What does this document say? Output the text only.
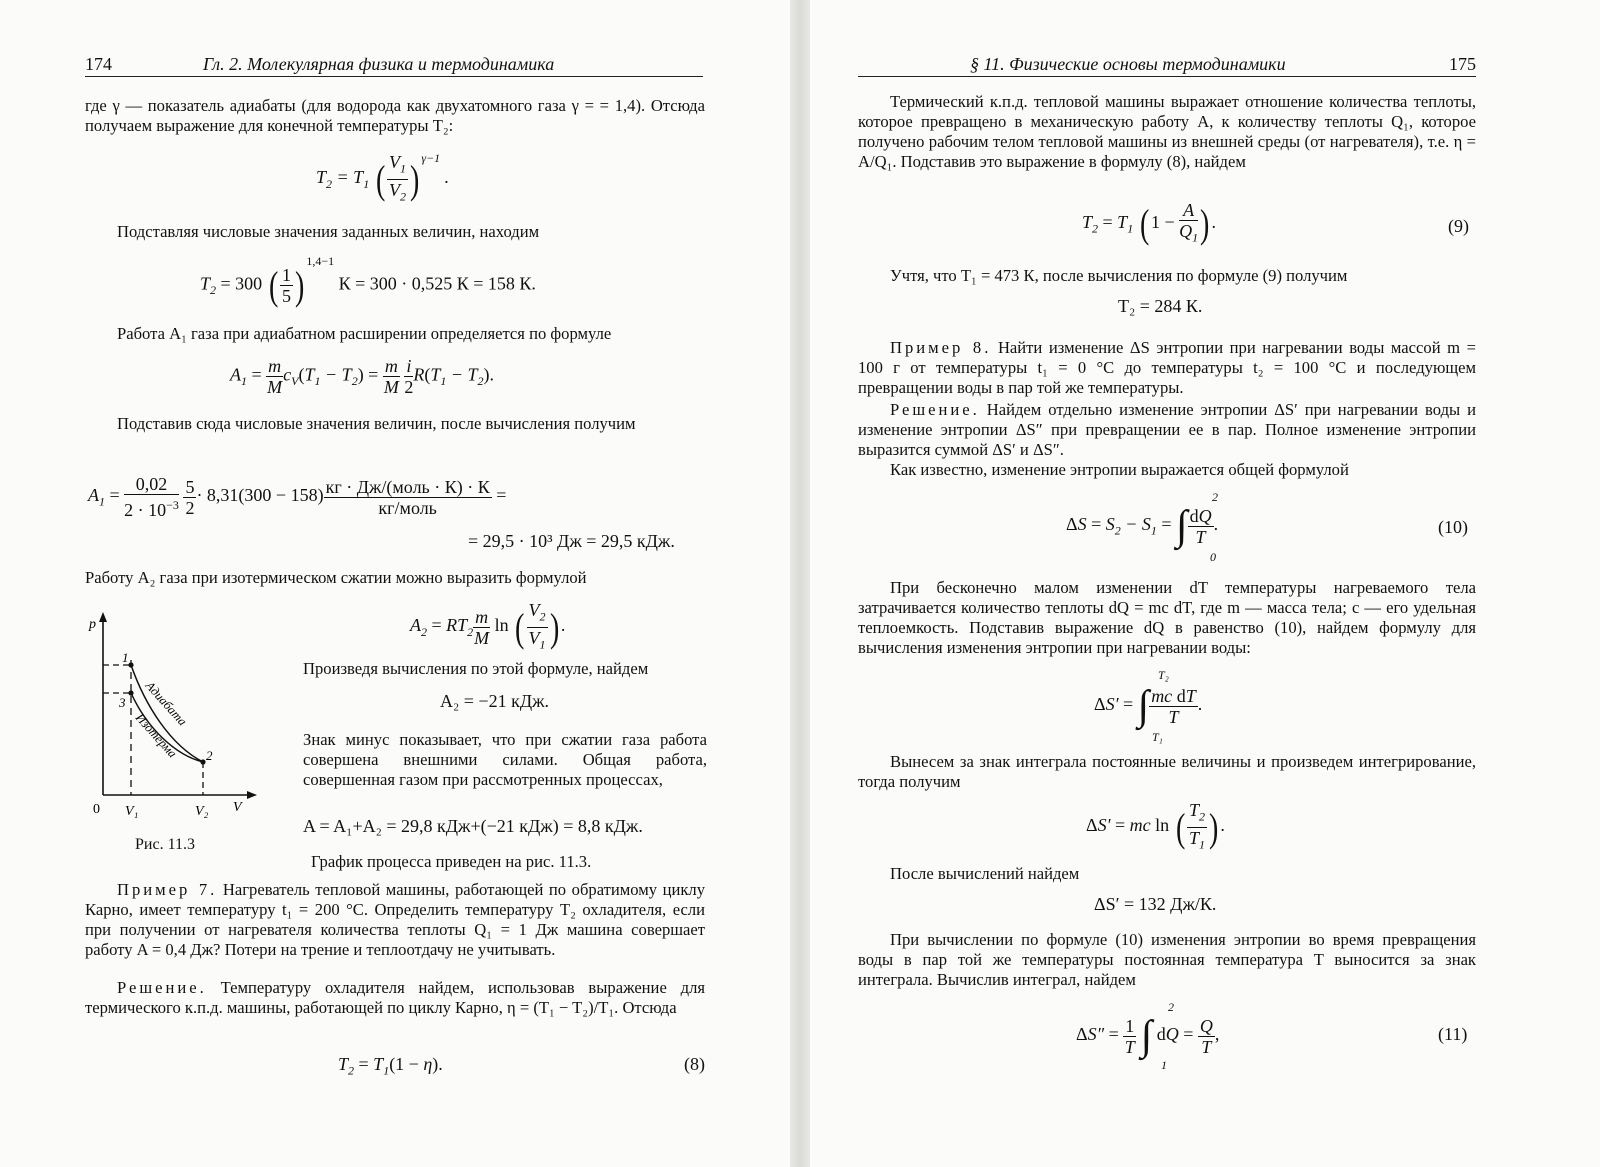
174	Гл. 2. Молекулярная физика и термодинамика

где γ — показатель адиабаты (для водорода как двухатомного газа γ = = 1,4). Отсюда получаем выражение для конечной температуры T₂:

$T_2 = T_1$ ( $\frac{V_1}{V_2}$ ) $^{\gamma-1}$ .

Подставляя числовые значения заданных величин, находим

$T_2 = 300$ ( $\frac{1}{5} )^{1,4-1}$ К = 300 · 0,525 К = 158 К.

Работа A₁ газа при адиабатном расширении определяется по формуле

$A_1 = \frac{m}{M} c_V(T_1 - T_2) = \frac{m}{M}$
$\frac{i}{2} R(T_1 - T_2)$.

Подставив сюда числовые значения величин, после вычисления получим

$A_1 = \frac{0,02}{2 \cdot 10^{-3}}$
$\frac{5}{2} \cdot 8,31(300 - 158) \frac{\text{кг · Дж/(моль · К) · К}}{\text{кг/моль}}$ =
= 29,5 · 10³ Дж = 29,5 кДж.

Работу A₂ газа при изотермическом сжатии можно выразить формулой

$A_2 = RT_2 \frac{m}{M}$ ln ( $\frac{V_2}{V_1}$ ) .
p
V
0 V₁	V₂
1
3
2
Адиабата
Изотерма
Рис. 11.3

Произведя вычисления по этой формуле, найдем

A₂ = −21 кДж.

Знак минус показывает, что при сжатии газа работа совершена внешними силами. Общая работа, совершенная газом при рассмотренных процессах,

A = A₁+A₂ = 29,8 кДж+(−21 кДж) = 8,8 кДж.

График процесса приведен на рис. 11.3.

Пример 7. Нагреватель тепловой машины, работающей по обратимому циклу Карно, имеет температуру t₁ = 200 °С. Определить температуру T₂ охладителя, если при получении от нагревателя количества теплоты Q₁ = 1 Дж машина совершает работу A = 0,4 Дж? Потери на трение и теплоотдачу не учитывать.

Решение. Температуру охладителя найдем, использовав выражение для термического к.п.д. машины, работающей по циклу Карно, η = (T₁ − T₂)/T₁. Отсюда

$T_2 = T_1(1 - \eta)$.	(8)
§ 11. Физические основы термодинамики	175

Термический к.п.д. тепловой машины выражает отношение количества теплоты, которое превращено в механическую работу A, к количеству теплоты Q₁, которое получено рабочим телом тепловой машины из внешней среды (от нагревателя), т.е. η = A/Q₁. Подставив это выражение в формулу (8), найдем

$T_2 = T_1$ ( $1 - \frac{A}{Q_1}$ ) .	(9)

Учтя, что T₁ = 473 К, после вычисления по формуле (9) получим

T₂ = 284 К.

Пример 8. Найти изменение ΔS энтропии при нагревании воды массой m = 100 г от температуры t₁ = 0 °С до температуры t₂ = 100 °С и последующем превращении воды в пар той же температуры.

Решение. Найдем отдельно изменение энтропии ΔS′ при нагревании воды и изменение энтропии ΔS″ при превращении ее в пар. Полное изменение энтропии выразится суммой ΔS′ и ΔS″.

Как известно, изменение энтропии выражается общей формулой

$\Delta S = S_2 - S_1$ = ∫ $\frac{dQ}{T}$ .
2
0
(10)

При бесконечно малом изменении dT температуры нагреваемого тела затрачивается количество теплоты dQ = mc dT, где m — масса тела; c — его удельная теплоемкость. Подставив выражение dQ в равенство (10), найдем формулу для вычисления изменения энтропии при нагревании воды:

ΔS′ = ∫ $\frac{\text{mc dT}}{T}$ .
T₂
T₁

Вынесем за знак интеграла постоянные величины и произведем интегрирование, тогда получим

ΔS′ = mc ln ( $\frac{T_2}{T_1}$ ) .

После вычислений найдем

ΔS′ = 132 Дж/К.

При вычислении по формуле (10) изменения энтропии во время превращения воды в пар той же температуры постоянная температура T выносится за знак интеграла. Вычислив интеграл, найдем

$\Delta S'' = \frac{1}{T}$ ∫ dQ = $\frac{Q}{T}$ ,
2
1
(11)
